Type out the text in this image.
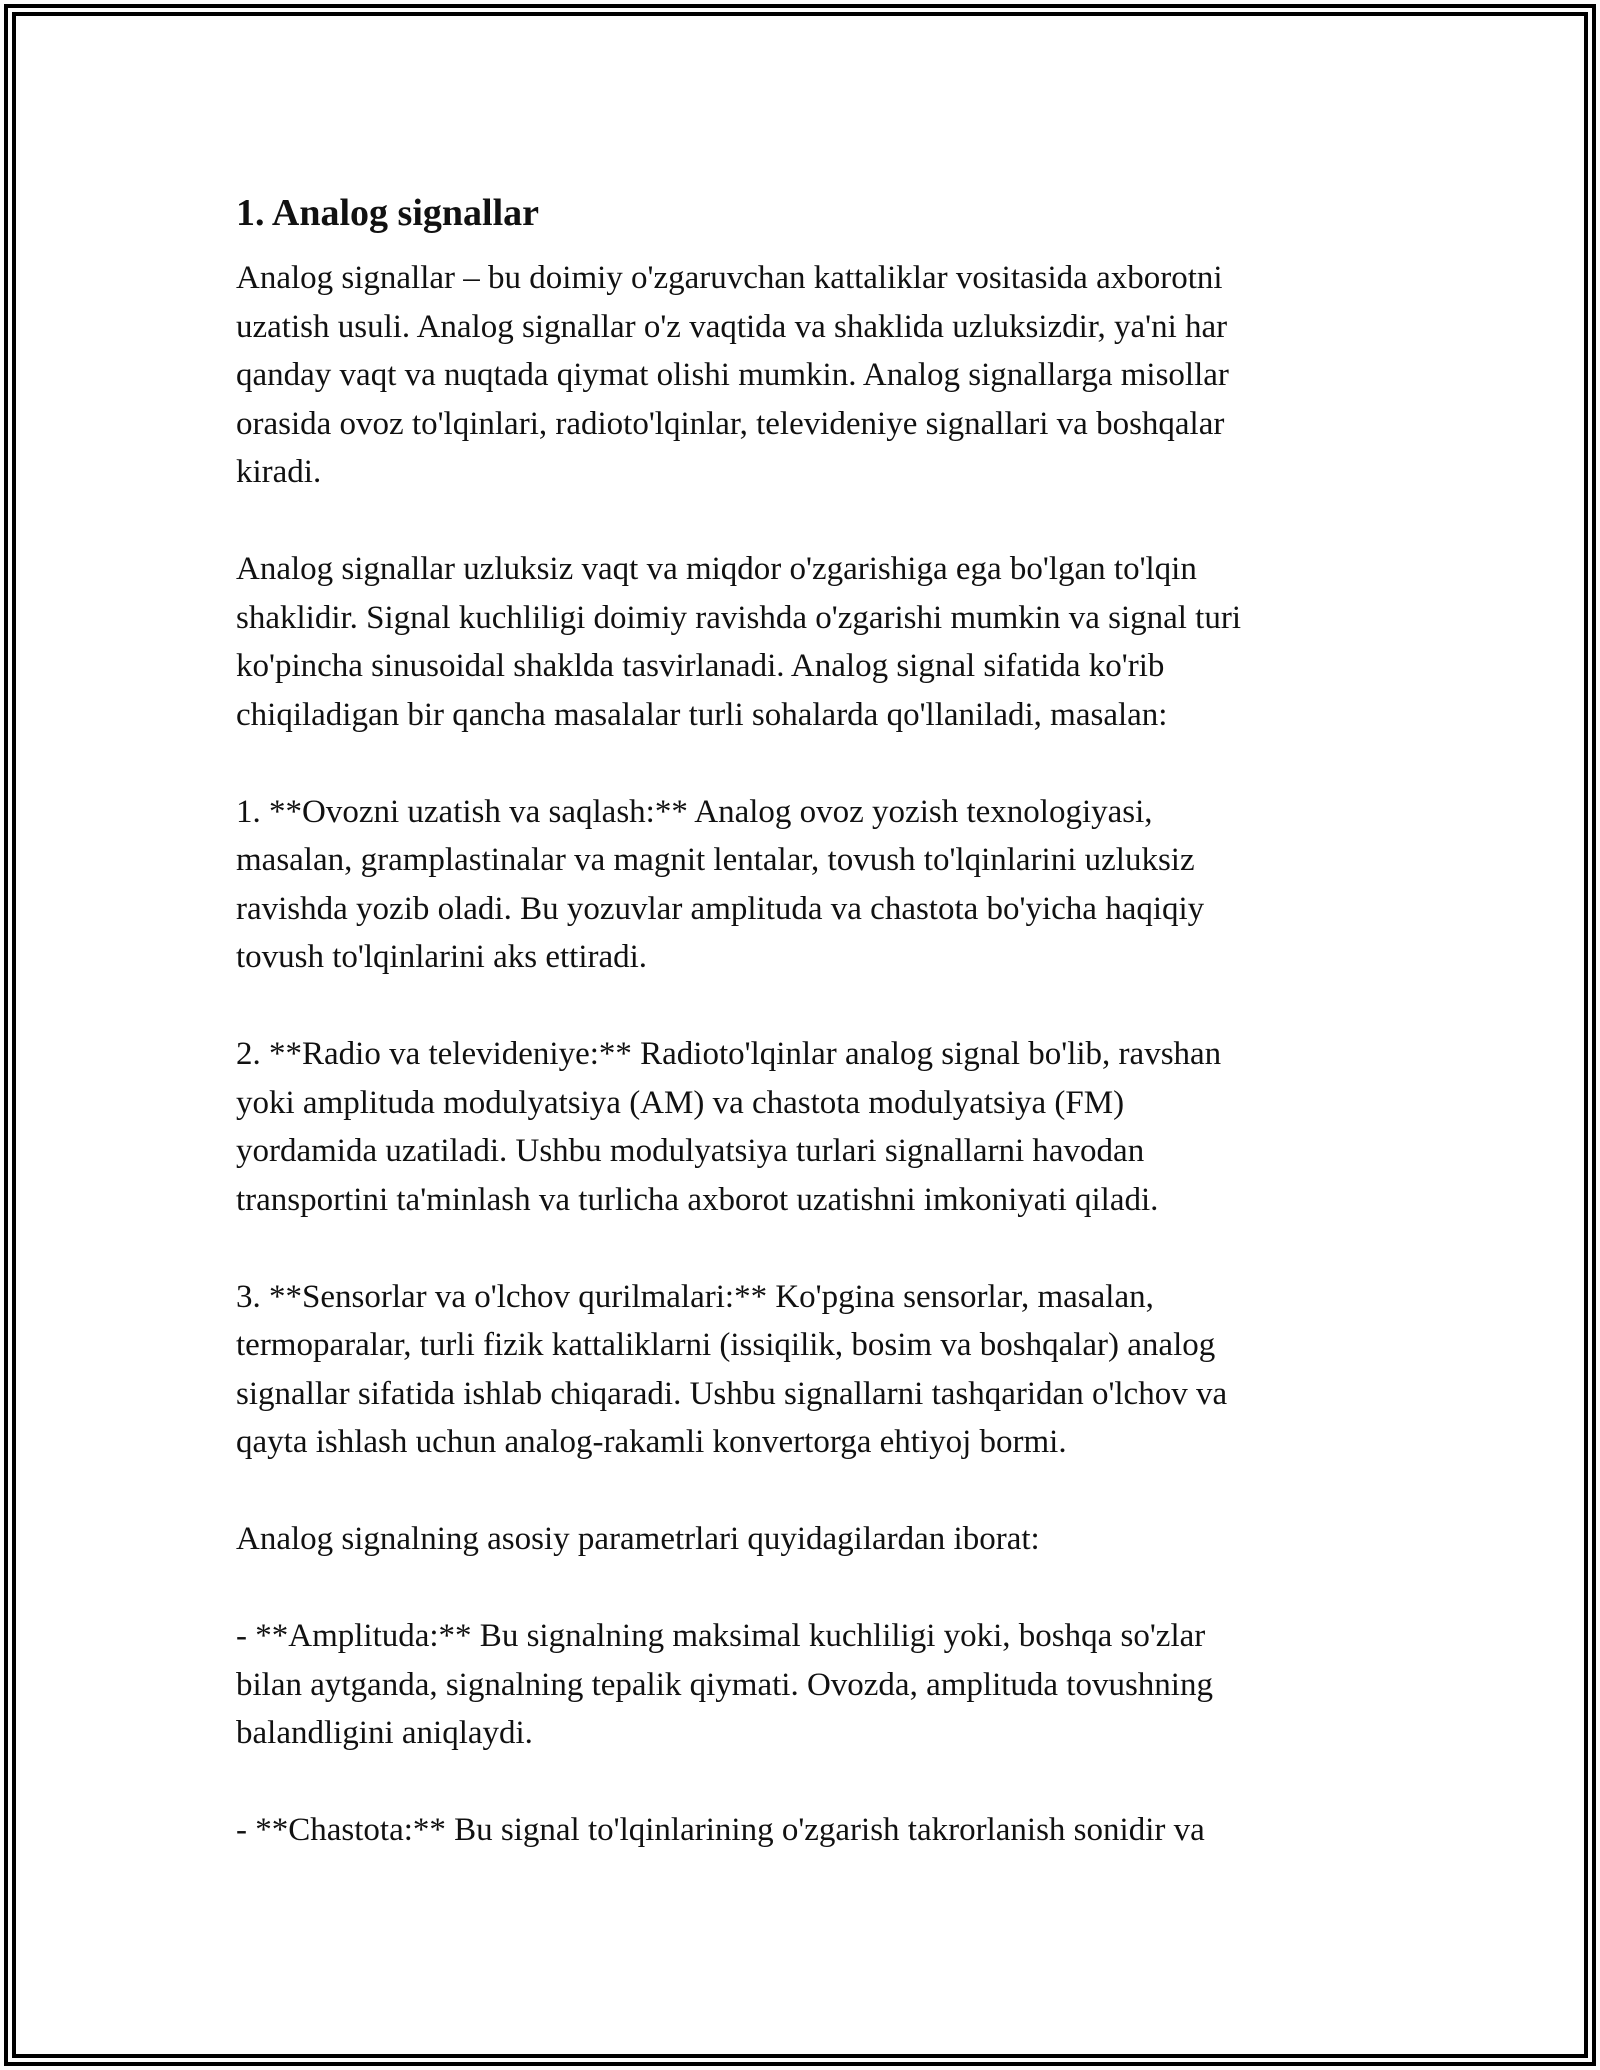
1. Analog signallar
Analog signallar – bu doimiy o'zgaruvchan kattaliklar vositasida axborotni
uzatish usuli. Analog signallar o'z vaqtida va shaklida uzluksizdir, ya'ni har
qanday vaqt va nuqtada qiymat olishi mumkin. Analog signallarga misollar
orasida ovoz to'lqinlari, radioto'lqinlar, televideniye signallari va boshqalar
kiradi.
Analog signallar uzluksiz vaqt va miqdor o'zgarishiga ega bo'lgan to'lqin
shaklidir. Signal kuchliligi doimiy ravishda o'zgarishi mumkin va signal turi
ko'pincha sinusoidal shaklda tasvirlanadi. Analog signal sifatida ko'rib
chiqiladigan bir qancha masalalar turli sohalarda qo'llaniladi, masalan:
1. **Ovozni uzatish va saqlash:** Analog ovoz yozish texnologiyasi,
masalan, gramplastinalar va magnit lentalar, tovush to'lqinlarini uzluksiz
ravishda yozib oladi. Bu yozuvlar amplituda va chastota bo'yicha haqiqiy
tovush to'lqinlarini aks ettiradi.
2. **Radio va televideniye:** Radioto'lqinlar analog signal bo'lib, ravshan
yoki amplituda modulyatsiya (AM) va chastota modulyatsiya (FM)
yordamida uzatiladi. Ushbu modulyatsiya turlari signallarni havodan
transportini ta'minlash va turlicha axborot uzatishni imkoniyati qiladi.
3. **Sensorlar va o'lchov qurilmalari:** Ko'pgina sensorlar, masalan,
termoparalar, turli fizik kattaliklarni (issiqilik, bosim va boshqalar) analog
signallar sifatida ishlab chiqaradi. Ushbu signallarni tashqaridan o'lchov va
qayta ishlash uchun analog-rakamli konvertorga ehtiyoj bormi.
Analog signalning asosiy parametrlari quyidagilardan iborat:
- **Amplituda:** Bu signalning maksimal kuchliligi yoki, boshqa so'zlar
bilan aytganda, signalning tepalik qiymati. Ovozda, amplituda tovushning
balandligini aniqlaydi.
- **Chastota:** Bu signal to'lqinlarining o'zgarish takrorlanish sonidir va
